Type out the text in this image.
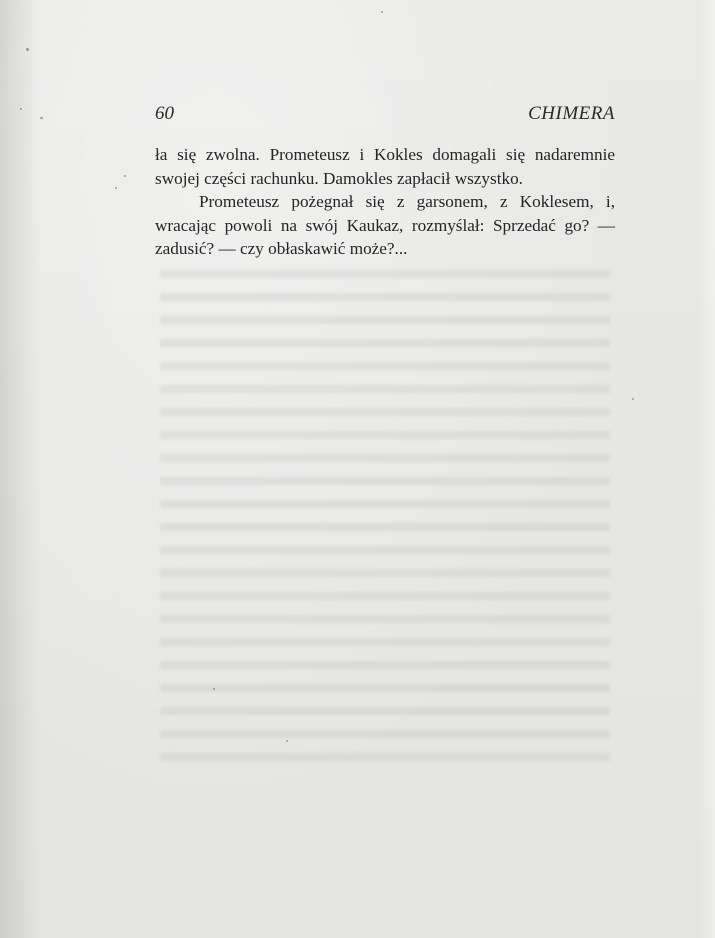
60	CHIMERA

ła się zwolna. Prometeusz i Kokles domagali się nadaremnie swojej części rachunku. Damokles zapłacił wszystko.

Prometeusz pożegnał się z garsonem, z Koklesem, i, wracając powoli na swój Kaukaz, rozmyślał: Sprzedać go? — zadusić? — czy obłaskawić może?...
